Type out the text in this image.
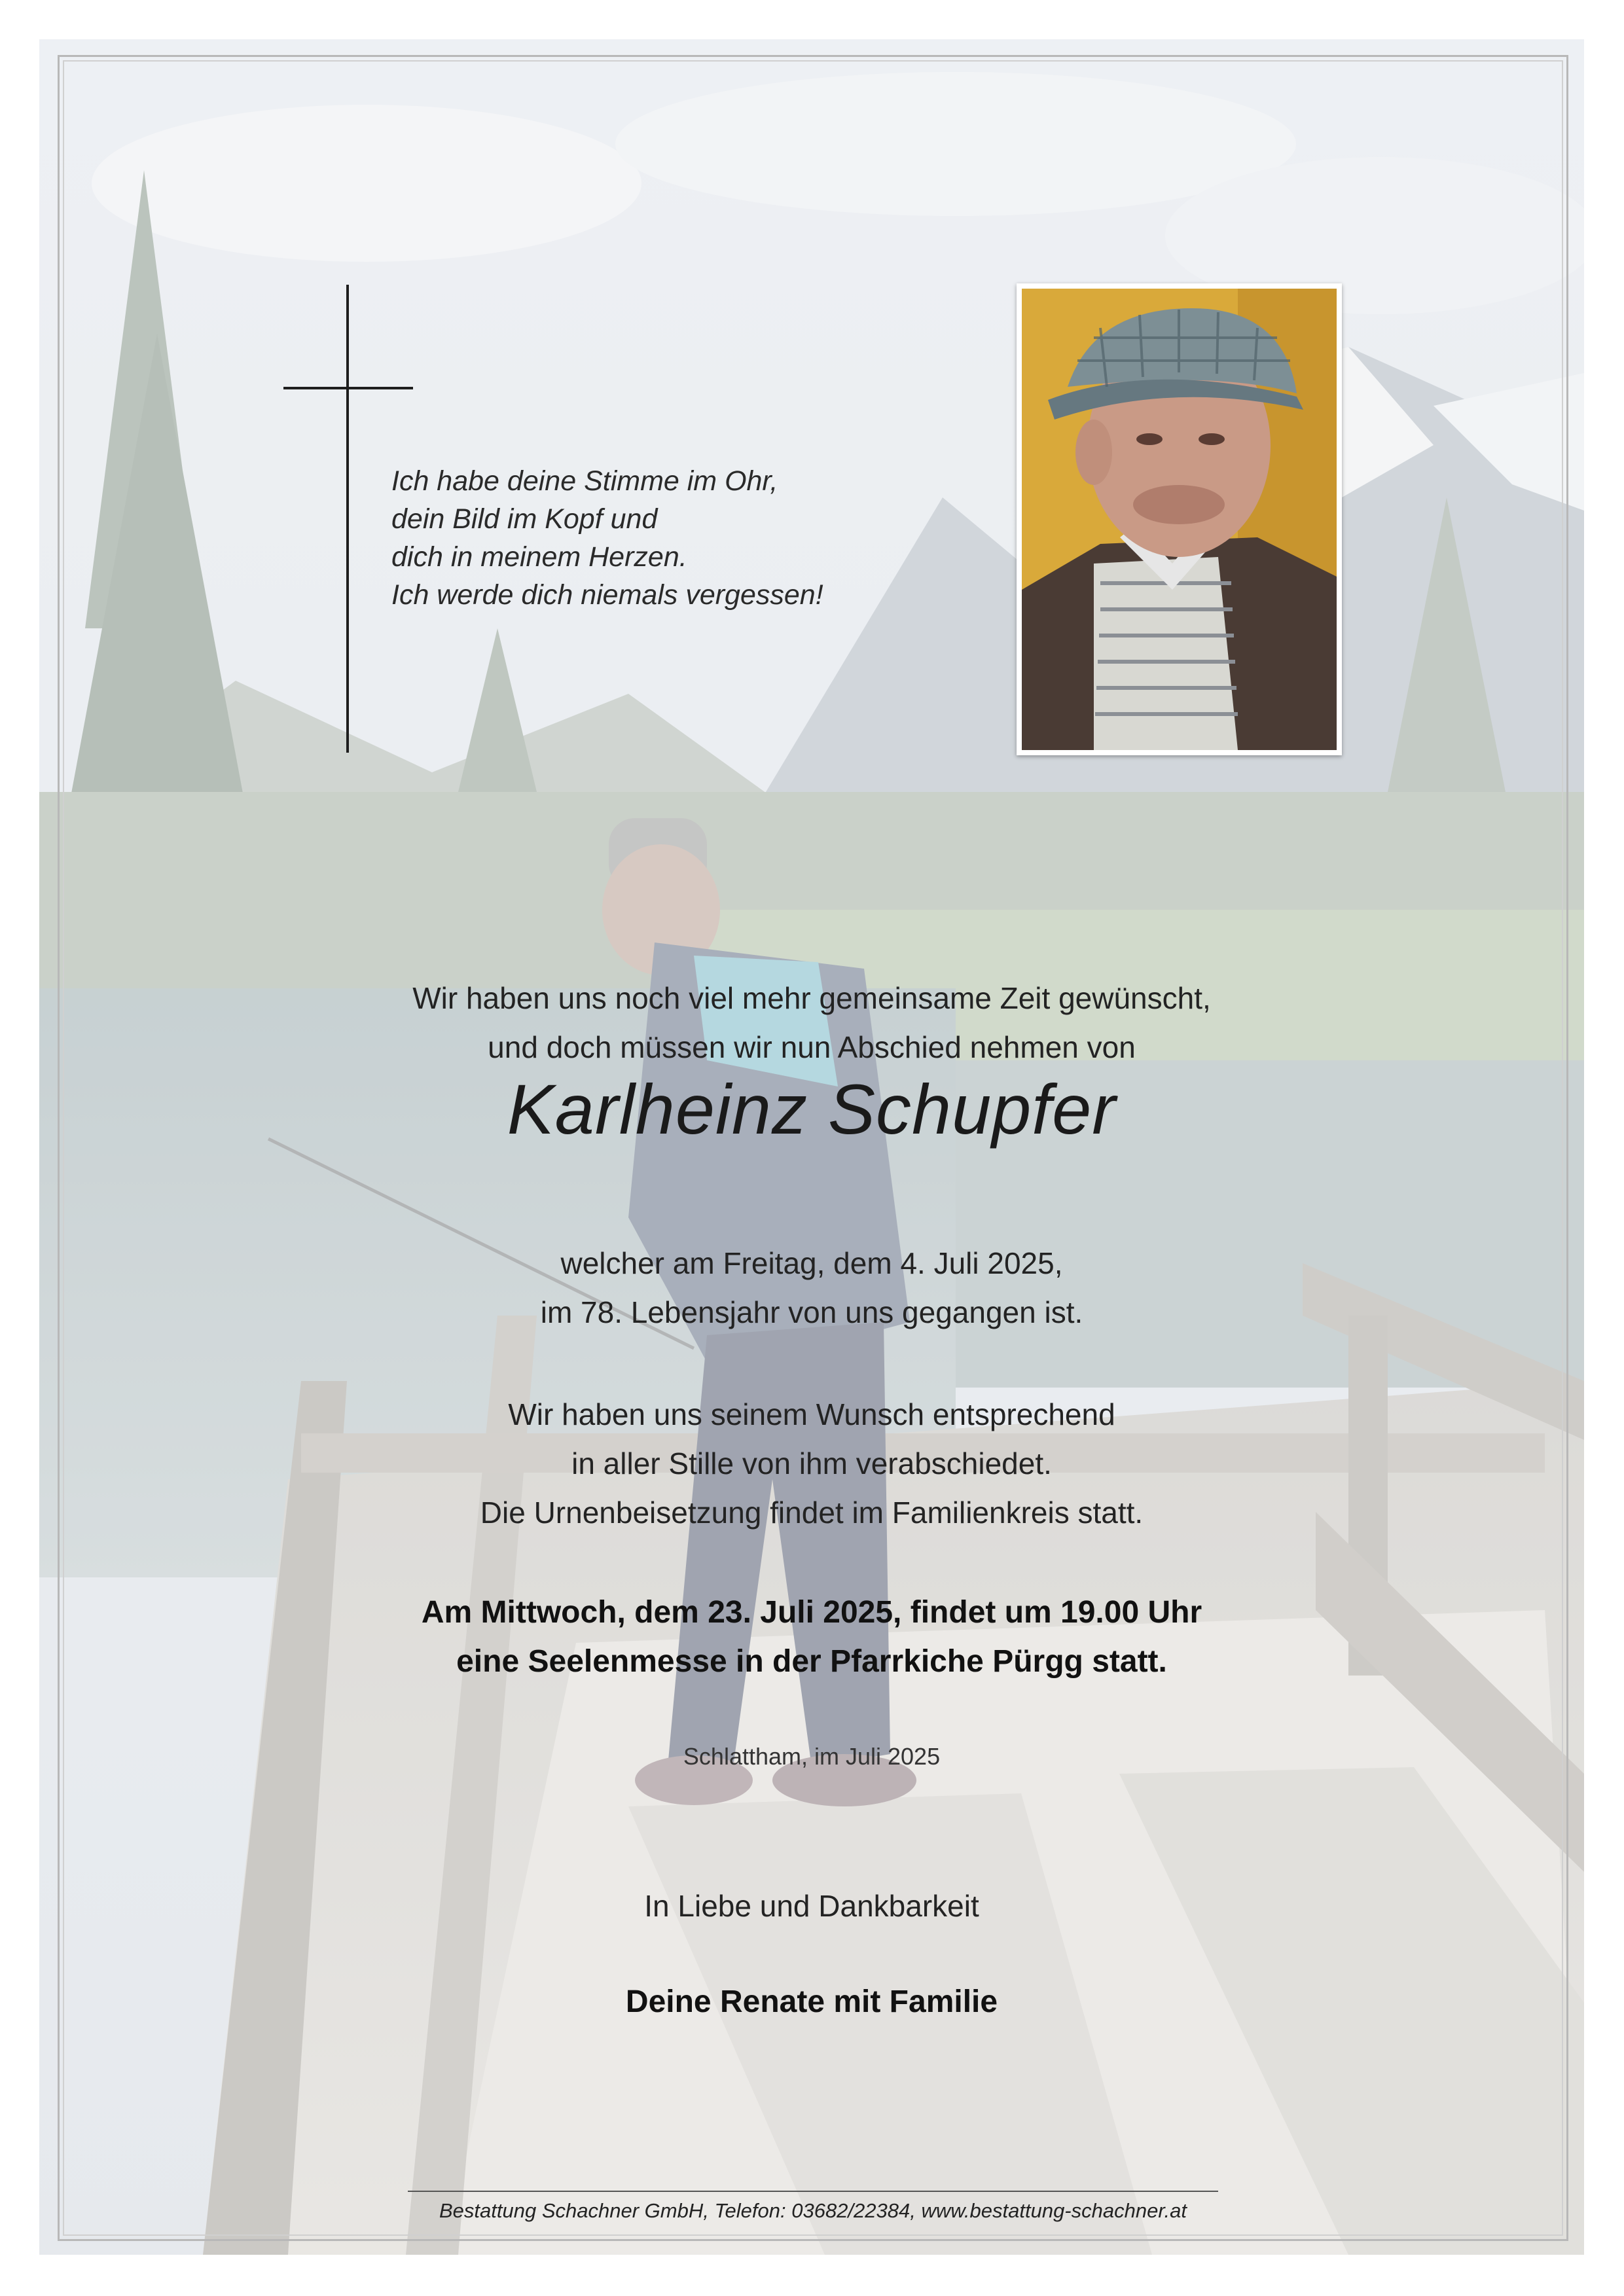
Ich habe deine Stimme im Ohr,
dein Bild im Kopf und
dich in meinem Herzen.
Ich werde dich niemals vergessen!
Wir haben uns noch viel mehr gemeinsame Zeit gewünscht,
und doch müssen wir nun Abschied nehmen von
Karlheinz Schupfer
welcher am Freitag, dem 4. Juli 2025,
im 78. Lebensjahr von uns gegangen ist.
Wir haben uns seinem Wunsch entsprechend
in aller Stille von ihm verabschiedet.
Die Urnenbeisetzung findet im Familienkreis statt.
Am Mittwoch, dem 23. Juli 2025, findet um 19.00 Uhr
eine Seelenmesse in der Pfarrkiche Pürgg statt.
Schlattham, im Juli 2025
In Liebe und Dankbarkeit
Deine Renate mit Familie
Bestattung Schachner GmbH, Telefon: 03682/22384, www.bestattung-schachner.at
